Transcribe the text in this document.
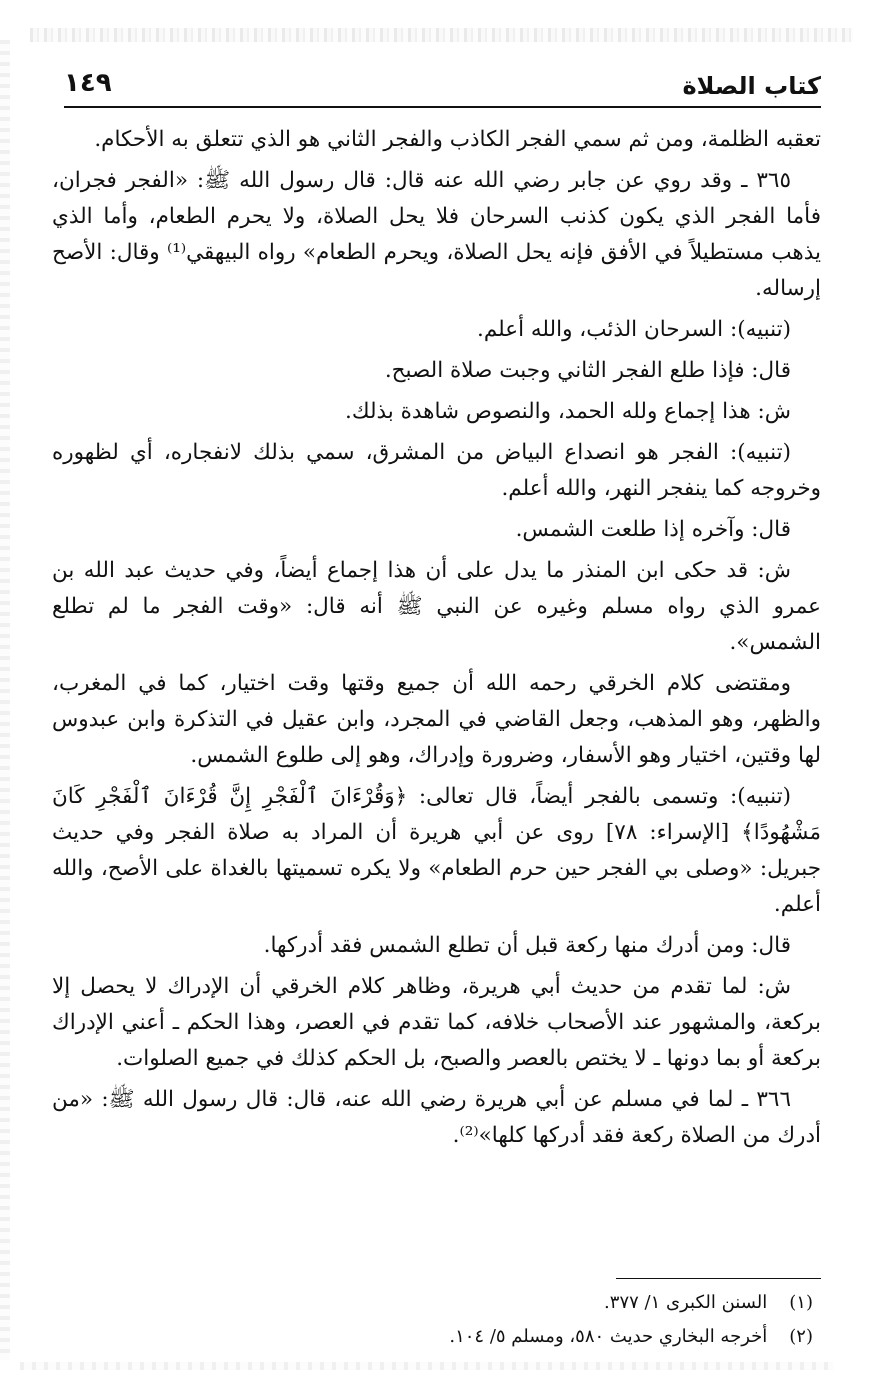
كتاب الصلاة
١٤٩

تعقبه الظلمة، ومن ثم سمي الفجر الكاذب والفجر الثاني هو الذي تتعلق به الأحكام.

٣٦٥ ـ وقد روي عن جابر رضي الله عنه قال: قال رسول الله ﷺ: «الفجر فجران، فأما الفجر الذي يكون كذنب السرحان فلا يحل الصلاة، ولا يحرم الطعام، وأما الذي يذهب مستطيلاً في الأفق فإنه يحل الصلاة، ويحرم الطعام» رواه البيهقي⁽¹⁾ وقال: الأصح إرساله.

(تنبيه): السرحان الذئب، والله أعلم.

قال: فإذا طلع الفجر الثاني وجبت صلاة الصبح.

ش: هذا إجماع ولله الحمد، والنصوص شاهدة بذلك.

(تنبيه): الفجر هو انصداع البياض من المشرق، سمي بذلك لانفجاره، أي لظهوره وخروجه كما ينفجر النهر، والله أعلم.

قال: وآخره إذا طلعت الشمس.

ش: قد حكى ابن المنذر ما يدل على أن هذا إجماع أيضاً، وفي حديث عبد الله بن عمرو الذي رواه مسلم وغيره عن النبي ﷺ أنه قال: «وقت الفجر ما لم تطلع الشمس».

ومقتضى كلام الخرقي رحمه الله أن جميع وقتها وقت اختيار، كما في المغرب، والظهر، وهو المذهب، وجعل القاضي في المجرد، وابن عقيل في التذكرة وابن عبدوس لها وقتين، اختيار وهو الأسفار، وضرورة وإدراك، وهو إلى طلوع الشمس.

(تنبيه): وتسمى بالفجر أيضاً، قال تعالى: ﴿وَقُرْءَانَ ٱلْفَجْرِ إِنَّ قُرْءَانَ ٱلْفَجْرِ كَانَ مَشْهُودًا﴾ [الإسراء: ٧٨] روى عن أبي هريرة أن المراد به صلاة الفجر وفي حديث جبريل: «وصلى بي الفجر حين حرم الطعام» ولا يكره تسميتها بالغداة على الأصح، والله أعلم.

قال: ومن أدرك منها ركعة قبل أن تطلع الشمس فقد أدركها.

ش: لما تقدم من حديث أبي هريرة، وظاهر كلام الخرقي أن الإدراك لا يحصل إلا بركعة، والمشهور عند الأصحاب خلافه، كما تقدم في العصر، وهذا الحكم ـ أعني الإدراك بركعة أو بما دونها ـ لا يختص بالعصر والصبح، بل الحكم كذلك في جميع الصلوات.

٣٦٦ ـ لما في مسلم عن أبي هريرة رضي الله عنه، قال: قال رسول الله ﷺ: «من أدرك من الصلاة ركعة فقد أدركها كلها»⁽²⁾.

(١) السنن الكبرى ١/ ٣٧٧.
(٢) أخرجه البخاري حديث ٥٨٠، ومسلم ٥/ ١٠٤.
